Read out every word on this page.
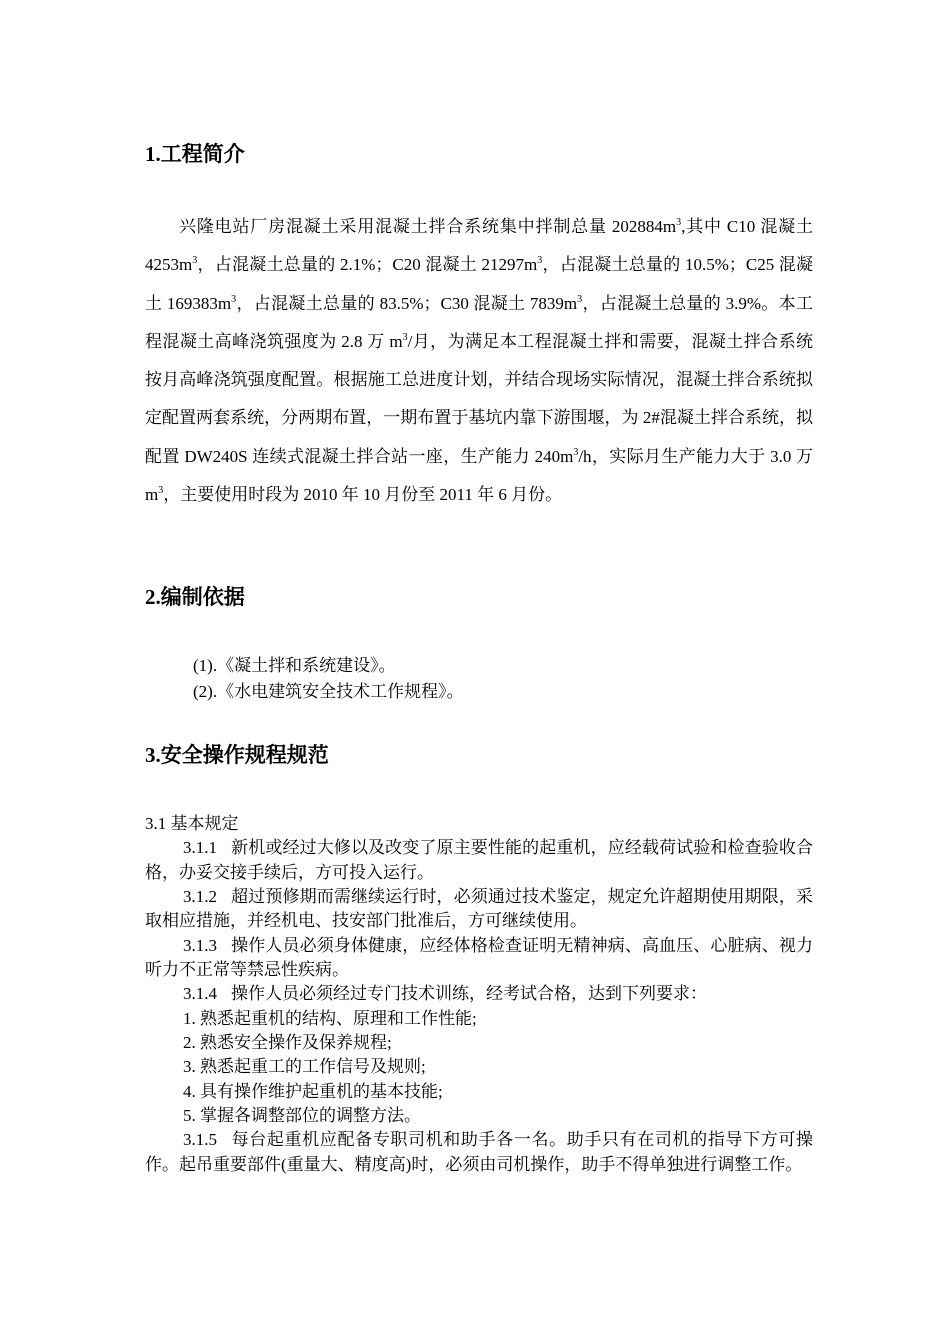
1.工程简介

兴隆电站厂房混凝土采用混凝土拌合系统集中拌制总量 $202884m^3$,其中 C10 混凝土 $4253m^3$，占混凝土总量的 2.1%；C20 混凝土 $21297m^3$，占混凝土总量的 10.5%；C25 混凝土 $169383m^3$，占混凝土总量的 83.5%；C30 混凝土 $7839m^3$，占混凝土总量的 3.9%。本工程混凝土高峰浇筑强度为 2.8 万 $m^3/$月，为满足本工程混凝土拌和需要，混凝土拌合系统按月高峰浇筑强度配置。根据施工总进度计划，并结合现场实际情况，混凝土拌合系统拟定配置两套系统，分两期布置，一期布置于基坑内靠下游围堰，为 2#混凝土拌合系统，拟配置 DW240S 连续式混凝土拌合站一座，生产能力 $240m^3/h$，实际月生产能力大于 3.0 万 $m^3$，主要使用时段为 2010 年 10 月份至 2011 年 6 月份。

2.编制依据
(1).《凝土拌和系统建设》。
(2).《水电建筑安全技术工作规程》。
3.安全操作规程规范

3.1 基本规定

3.1.1 新机或经过大修以及改变了原主要性能的起重机，应经载荷试验和检查验收合格，办妥交接手续后，方可投入运行。

3.1.2 超过预修期而需继续运行时，必须通过技术鉴定，规定允许超期使用期限，采取相应措施，并经机电、技安部门批准后，方可继续使用。

3.1.3 操作人员必须身体健康，应经体格检查证明无精神病、高血压、心脏病、视力听力不正常等禁忌性疾病。

3.1.4 操作人员必须经过专门技术训练，经考试合格，达到下列要求：

1. 熟悉起重机的结构、原理和工作性能;

2. 熟悉安全操作及保养规程;

3. 熟悉起重工的工作信号及规则;

4. 具有操作维护起重机的基本技能;

5. 掌握各调整部位的调整方法。

3.1.5 每台起重机应配备专职司机和助手各一名。助手只有在司机的指导下方可操作。起吊重要部件(重量大、精度高)时，必须由司机操作，助手不得单独进行调整工作。
